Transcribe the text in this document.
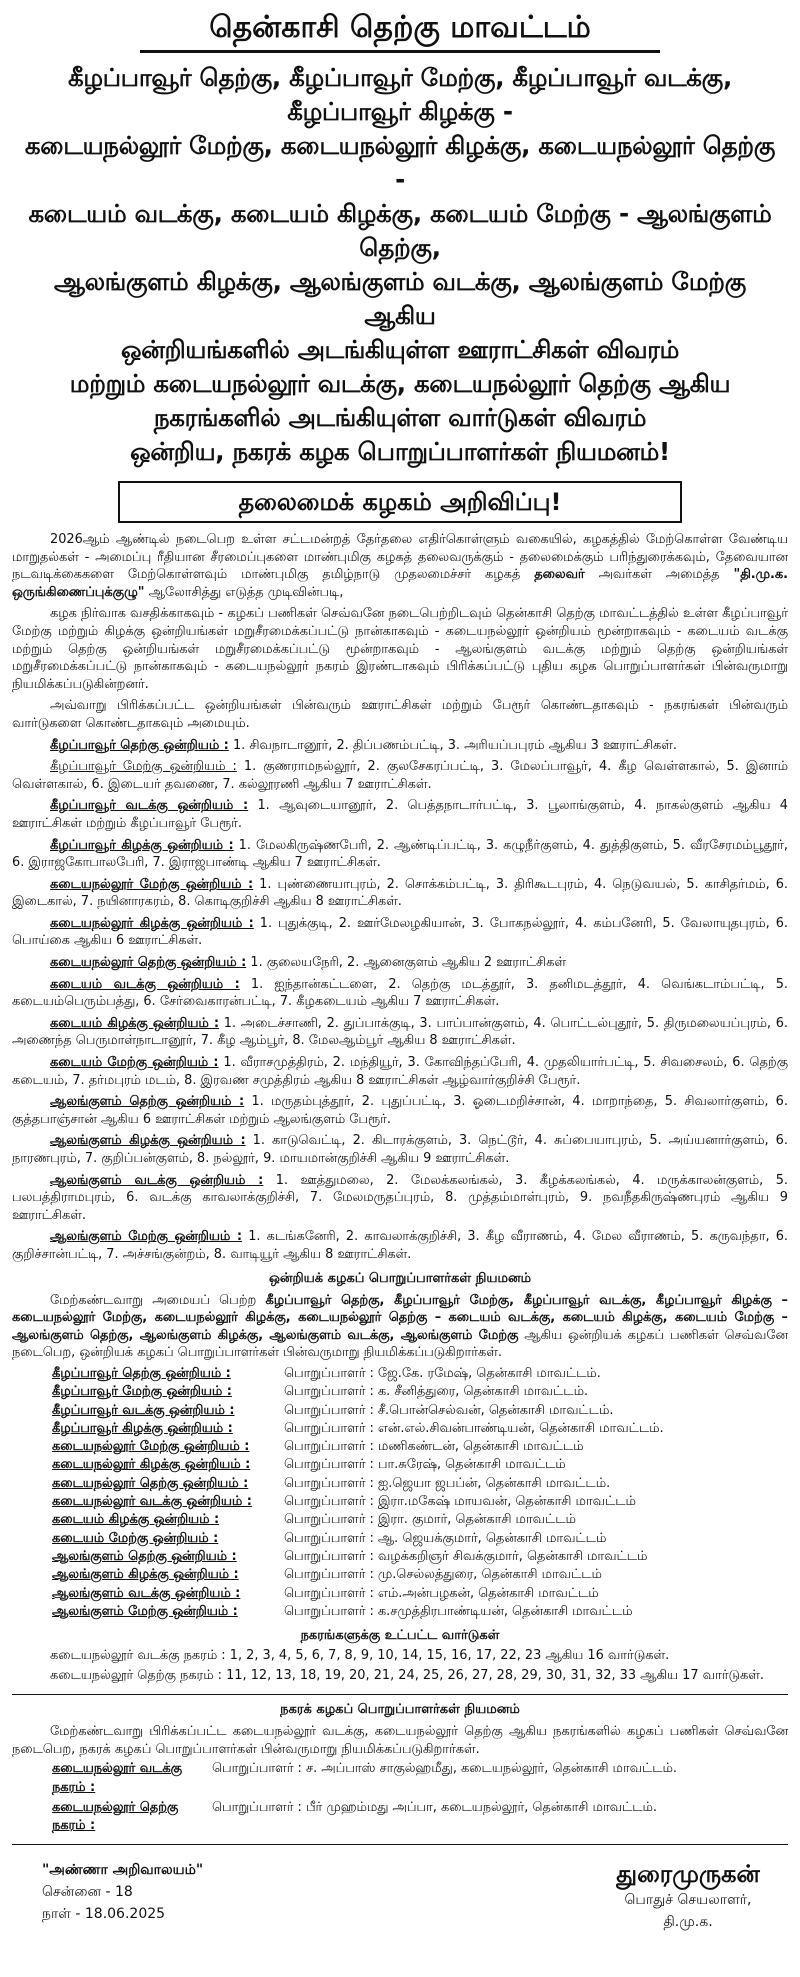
தென்காசி தெற்கு மாவட்டம்
கீழப்பாவூர் தெற்கு, கீழப்பாவூர் மேற்கு, கீழப்பாவூர் வடக்கு, கீழப்பாவூர் கிழக்கு -
கடையநல்லூர் மேற்கு, கடையநல்லூர் கிழக்கு, கடையநல்லூர் தெற்கு -
கடையம் வடக்கு, கடையம் கிழக்கு, கடையம் மேற்கு - ஆலங்குளம் தெற்கு,
ஆலங்குளம் கிழக்கு, ஆலங்குளம் வடக்கு, ஆலங்குளம் மேற்கு ஆகிய
ஒன்றியங்களில் அடங்கியுள்ள ஊராட்சிகள் விவரம்
மற்றும் கடையநல்லூர் வடக்கு, கடையநல்லூர் தெற்கு ஆகிய
நகரங்களில் அடங்கியுள்ள வார்டுகள் விவரம்
ஒன்றிய, நகரக் கழக பொறுப்பாளர்கள் நியமனம்!
தலைமைக் கழகம் அறிவிப்பு!

2026ஆம் ஆண்டில் நடைபெற உள்ள சட்டமன்றத் தேர்தலை எதிர்கொள்ளும் வகையில், கழகத்தில் மேற்கொள்ள வேண்டிய மாறுதல்கள் - அமைப்பு ரீதியான சீரமைப்புகளை மாண்புமிகு கழகத் தலைவருக்கும் - தலைமைக்கும் பரிந்துரைக்கவும், தேவையான நடவடிக்கைகளை மேற்கொள்ளவும் மாண்புமிகு தமிழ்நாடு முதலமைச்சர் கழகத் தலைவர் அவர்கள் அமைத்த "தி.மு.க. ஒருங்கிணைப்புக்குழு" ஆலோசித்து எடுத்த முடிவின்படி,

கழக நிர்வாக வசதிக்காகவும் - கழகப் பணிகள் செவ்வனே நடைபெற்றிடவும் தென்காசி தெற்கு மாவட்டத்தில் உள்ள கீழப்பாவூர் மேற்கு மற்றும் கிழக்கு ஒன்றியங்கள் மறுசீரமைக்கப்பட்டு நான்காகவும் - கடையநல்லூர் ஒன்றியம் மூன்றாகவும் - கடையம் வடக்கு மற்றும் தெற்கு ஒன்றியங்கள் மறுசீரமைக்கப்பட்டு மூன்றாகவும் - ஆலங்குளம் வடக்கு மற்றும் தெற்கு ஒன்றியங்கள் மறுசீரமைக்கப்பட்டு நான்காகவும் - கடையநல்லூர் நகரம் இரண்டாகவும் பிரிக்கப்பட்டு புதிய கழக பொறுப்பாளர்கள் பின்வருமாறு நியமிக்கப்படுகின்றனர்.

அவ்வாறு பிரிக்கப்பட்ட ஒன்றியங்கள் பின்வரும் ஊராட்சிகள் மற்றும் பேரூர் கொண்டதாகவும் - நகரங்கள் பின்வரும் வார்டுகளை கொண்டதாகவும் அமையும்.

கீழப்பாவூர் தெற்கு ஒன்றியம் : 1. சிவநாடானூர், 2. திப்பணம்பட்டி, 3. அரியப்பபுரம் ஆகிய 3 ஊராட்சிகள்.

கீழப்பாவூர் மேற்கு ஒன்றியம் : 1. குணராமநல்லூர், 2. குலசேகரப்பட்டி, 3. மேலப்பாவூர், 4. கீழ வெள்ளகால், 5. இனாம் வெள்ளகால், 6. இடையர் தவணை, 7. கல்லூரணி ஆகிய 7 ஊராட்சிகள்.

கீழப்பாவூர் வடக்கு ஒன்றியம் : 1. ஆவுடையானூர், 2. பெத்தநாடார்பட்டி, 3. பூலாங்குளம், 4. நாகல்குளம் ஆகிய 4 ஊராட்சிகள் மற்றும் கீழப்பாவூர் பேரூர்.

கீழப்பாவூர் கிழக்கு ஒன்றியம் : 1. மேலகிருஷ்ணபேரி, 2. ஆண்டிப்பட்டி, 3. கழுநீர்குளம், 4. துத்திகுளம், 5. வீரசேரமம்பூதூர், 6. இராஜகோபாலபேரி, 7. இராஜபாண்டி ஆகிய 7 ஊராட்சிகள்.

கடையநல்லூர் மேற்கு ஒன்றியம் : 1. புண்ணையாபுரம், 2. சொக்கம்பட்டி, 3. திரிகூடபுரம், 4. நெடுவயல், 5. காசிதர்மம், 6. இடைகால், 7. நயினாரகரம், 8. கொடிகுறிச்சி ஆகிய 8 ஊராட்சிகள்.

கடையநல்லூர் கிழக்கு ஒன்றியம் : 1. புதுக்குடி, 2. ஊர்மேலழகியான், 3. போகநல்லூர், 4. கம்பனேரி, 5. வேலாயுதபுரம், 6. பொய்கை ஆகிய 6 ஊராட்சிகள்.

கடையநல்லூர் தெற்கு ஒன்றியம் : 1. குலையநேரி, 2. ஆனைகுளம் ஆகிய 2 ஊராட்சிகள்

கடையம் வடக்கு ஒன்றியம் : 1. ஐந்தான்கட்டளை, 2. தெற்கு மடத்தூர், 3. தனிமடத்தூர், 4. வெங்கடாம்பட்டி, 5. கடையம்பெரும்பத்து, 6. சேர்வைகாரன்பட்டி, 7. கீழகடையம் ஆகிய 7 ஊராட்சிகள்.

கடையம் கிழக்கு ஒன்றியம் : 1. அடைச்சாணி, 2. துப்பாக்குடி, 3. பாப்பான்குளம், 4. பொட்டல்புதூர், 5. திருமலையப்புரம், 6. அணைந்த பெருமாள்நாடானூர், 7. கீழ ஆம்பூர், 8. மேலஆம்பூர் ஆகிய 8 ஊராட்சிகள்.

கடையம் மேற்கு ஒன்றியம் : 1. வீராசமுத்திரம், 2. மந்தியூர், 3. கோவிந்தப்பேரி, 4. முதலியார்பட்டி, 5. சிவசைலம், 6. தெற்கு கடையம், 7. தர்மபுரம் மடம், 8. இரவண சமுத்திரம் ஆகிய 8 ஊராட்சிகள் ஆழ்வார்குறிச்சி பேரூர்.

ஆலங்குளம் தெற்கு ஒன்றியம் : 1. மருதம்புத்தூர், 2. புதுப்பட்டி, 3. ஓடைமறிச்சான், 4. மாறாந்தை, 5. சிவலார்குளம், 6. குத்தபாஞ்சான் ஆகிய 6 ஊராட்சிகள் மற்றும் ஆலங்குளம் பேரூர்.

ஆலங்குளம் கிழக்கு ஒன்றியம் : 1. காடுவெட்டி, 2. கிடாரக்குளம், 3. நெட்டூர், 4. சுப்பையாபுரம், 5. அய்யனார்குளம், 6. நாரணபுரம், 7. குறிப்பன்குளம், 8. நல்லூர், 9. மாயமான்குறிச்சி ஆகிய 9 ஊராட்சிகள்.

ஆலங்குளம் வடக்கு ஒன்றியம் : 1. ஊத்துமலை, 2. மேலக்கலங்கல், 3. கீழக்கலங்கல், 4. மருக்காலன்குளம், 5. பலபத்திராமபுரம், 6. வடக்கு காவலாக்குறிச்சி, 7. மேலமருதப்புரம், 8. முத்தம்மாள்புரம், 9. நவநீதகிருஷ்ணபுரம் ஆகிய 9 ஊராட்சிகள்.

ஆலங்குளம் மேற்கு ஒன்றியம் : 1. கடங்கனேரி, 2. காவலாக்குறிச்சி, 3. கீழ வீராணம், 4. மேல வீராணம், 5. கருவந்தா, 6. குறிச்சான்பட்டி, 7. அச்சங்குன்றம், 8. வாடியூர் ஆகிய 8 ஊராட்சிகள்.

ஒன்றியக் கழகப் பொறுப்பாளர்கள் நியமனம்

மேற்கண்டவாறு அமையப் பெற்ற கீழப்பாவூர் தெற்கு, கீழப்பாவூர் மேற்கு, கீழப்பாவூர் வடக்கு, கீழப்பாவூர் கிழக்கு – கடையநல்லூர் மேற்கு, கடையநல்லூர் கிழக்கு, கடையநல்லூர் தெற்கு – கடையம் வடக்கு, கடையம் கிழக்கு, கடையம் மேற்கு – ஆலங்குளம் தெற்கு, ஆலங்குளம் கிழக்கு, ஆலங்குளம் வடக்கு, ஆலங்குளம் மேற்கு ஆகிய ஒன்றியக் கழகப் பணிகள் செவ்வனே நடைபெற, ஒன்றியக் கழகப் பொறுப்பாளர்கள் பின்வருமாறு நியமிக்கப்படுகிறார்கள்.

கீழப்பாவூர் தெற்கு ஒன்றியம் :	பொறுப்பாளர் : ஜே.கே. ரமேஷ், தென்காசி மாவட்டம்.
கீழப்பாவூர் மேற்கு ஒன்றியம் :	பொறுப்பாளர் : க. சீனித்துரை, தென்காசி மாவட்டம்.
கீழப்பாவூர் வடக்கு ஒன்றியம் :	பொறுப்பாளர் : சீ.பொன்செல்வன், தென்காசி மாவட்டம்.
கீழப்பாவூர் கிழக்கு ஒன்றியம் :	பொறுப்பாளர் : என்.எல்.சிவன்பாண்டியன், தென்காசி மாவட்டம்.
கடையநல்லூர் மேற்கு ஒன்றியம் :	பொறுப்பாளர் : மணிகண்டன், தென்காசி மாவட்டம்
கடையநல்லூர் கிழக்கு ஒன்றியம் :	பொறுப்பாளர் : பா.சுரேஷ், தென்காசி மாவட்டம்
கடையநல்லூர் தெற்கு ஒன்றியம் :	பொறுப்பாளர் : ஐ.ஜெயா ஜபப்ன், தென்காசி மாவட்டம்.
கடையநல்லூர் வடக்கு ஒன்றியம் :	பொறுப்பாளர் : இரா.மகேஷ் மாயவன், தென்காசி மாவட்டம்
கடையம் கிழக்கு ஒன்றியம் :	பொறுப்பாளர் : இரா. குமார், தென்காசி மாவட்டம்
கடையம் மேற்கு ஒன்றியம் :	பொறுப்பாளர் : ஆ. ஜெயக்குமார், தென்காசி மாவட்டம்
ஆலங்குளம் தெற்கு ஒன்றியம் :	பொறுப்பாளர் : வழக்கறிஞர் சிவக்குமார், தென்காசி மாவட்டம்
ஆலங்குளம் கிழக்கு ஒன்றியம் :	பொறுப்பாளர் : மு.செல்லத்துரை, தென்காசி மாவட்டம்
ஆலங்குளம் வடக்கு ஒன்றியம் :	பொறுப்பாளர் : எம்.அன்பழகன், தென்காசி மாவட்டம்
ஆலங்குளம் மேற்கு ஒன்றியம் :	பொறுப்பாளர் : க.சமுத்திரபாண்டியன், தென்காசி மாவட்டம்
நகரங்களுக்கு உட்பட்ட வார்டுகள்

கடையநல்லூர் வடக்கு நகரம் : 1, 2, 3, 4, 5, 6, 7, 8, 9, 10, 14, 15, 16, 17, 22, 23 ஆகிய 16 வார்டுகள்.

கடையநல்லூர் தெற்கு நகரம் : 11, 12, 13, 18, 19, 20, 21, 24, 25, 26, 27, 28, 29, 30, 31, 32, 33 ஆகிய 17 வார்டுகள்.

நகரக் கழகப் பொறுப்பாளர்கள் நியமனம்

மேற்கண்டவாறு பிரிக்கப்பட்ட கடையநல்லூர் வடக்கு, கடையநல்லூர் தெற்கு ஆகிய நகரங்களில் கழகப் பணிகள் செவ்வனே நடைபெற, நகரக் கழகப் பொறுப்பாளர்கள் பின்வருமாறு நியமிக்கப்படுகிறார்கள்.

கடையநல்லூர் வடக்கு நகரம் :
பொறுப்பாளர் : ச. அப்பாஸ் சாகுல்ஹமீது, கடையநல்லூர், தென்காசி மாவட்டம்.
கடையநல்லூர் தெற்கு நகரம் :
பொறுப்பாளர் : பீர் முஹம்மது அப்பா, கடையநல்லூர், தென்காசி மாவட்டம்.
"அண்ணா அறிவாலயம்"
சென்னை - 18
நாள் - 18.06.2025
துரைமுருகன்
பொதுச் செயலாளர்,
தி.மு.க.
